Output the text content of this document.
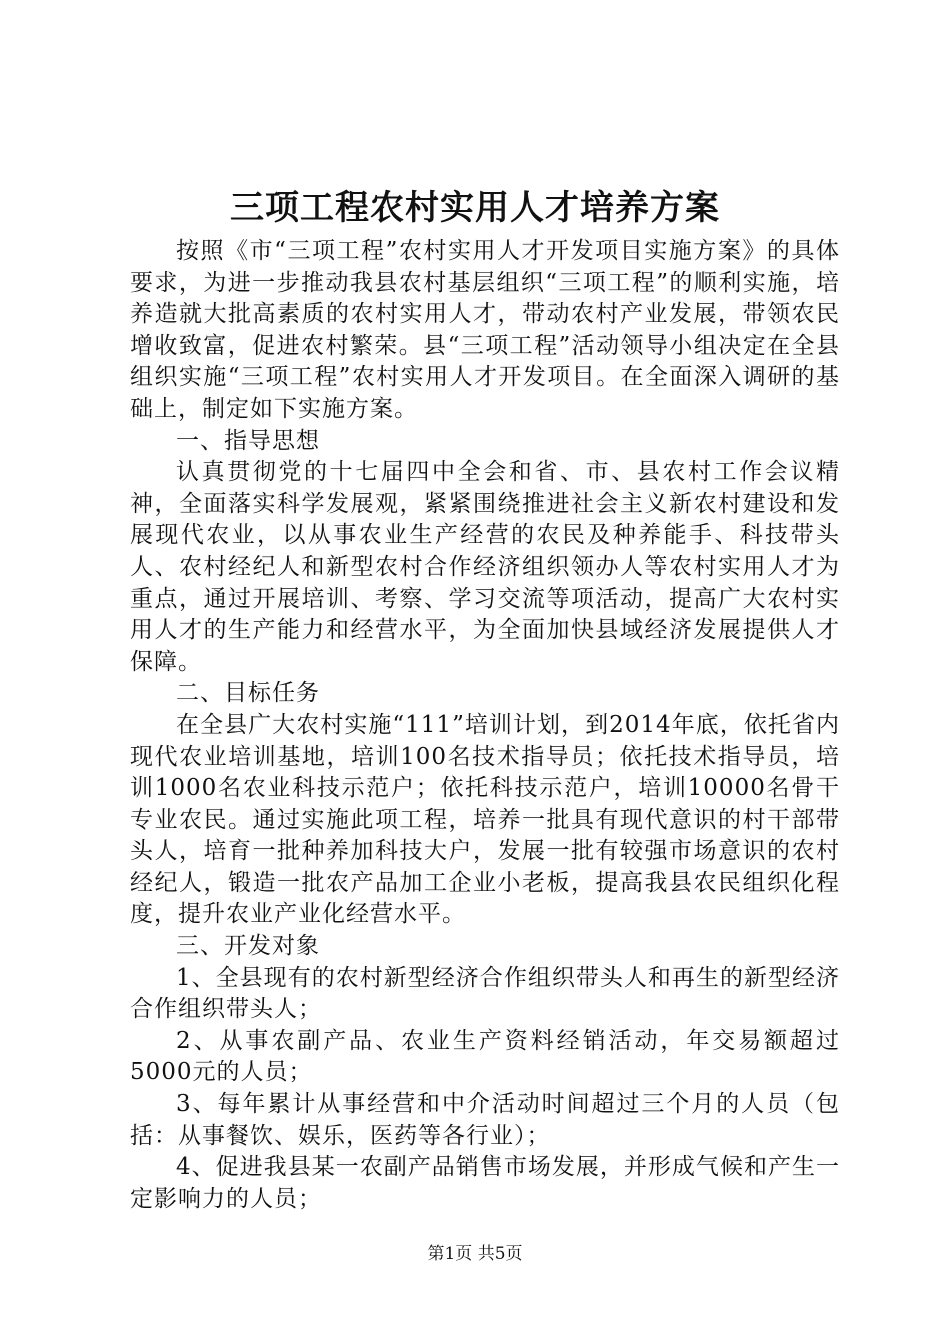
三项工程农村实用人才培养方案

按照《市“三项工程”农村实用人才开发项目实施方案》的具体要求，为进一步推动我县农村基层组织“三项工程”的顺利实施，培养造就大批高素质的农村实用人才，带动农村产业发展，带领农民增收致富，促进农村繁荣。县“三项工程”活动领导小组决定在全县组织实施“三项工程”农村实用人才开发项目。在全面深入调研的基础上，制定如下实施方案。

一、指导思想

认真贯彻党的十七届四中全会和省、市、县农村工作会议精神，全面落实科学发展观，紧紧围绕推进社会主义新农村建设和发展现代农业，以从事农业生产经营的农民及种养能手、科技带头人、农村经纪人和新型农村合作经济组织领办人等农村实用人才为重点，通过开展培训、考察、学习交流等项活动，提高广大农村实用人才的生产能力和经营水平，为全面加快县域经济发展提供人才保障。

二、目标任务

在全县广大农村实施“111”培训计划，到2014年底，依托省内现代农业培训基地，培训100名技术指导员；依托技术指导员，培训1000名农业科技示范户；依托科技示范户，培训10000名骨干专业农民。通过实施此项工程，培养一批具有现代意识的村干部带头人，培育一批种养加科技大户，发展一批有较强市场意识的农村经纪人，锻造一批农产品加工企业小老板，提高我县农民组织化程度，提升农业产业化经营水平。

三、开发对象

1、全县现有的农村新型经济合作组织带头人和再生的新型经济合作组织带头人；

2、从事农副产品、农业生产资料经销活动，年交易额超过5000元的人员；

3、每年累计从事经营和中介活动时间超过三个月的人员（包括：从事餐饮、娱乐，医药等各行业）；

4、促进我县某一农副产品销售市场发展，并形成气候和产生一定影响力的人员；

第1页 共5页
